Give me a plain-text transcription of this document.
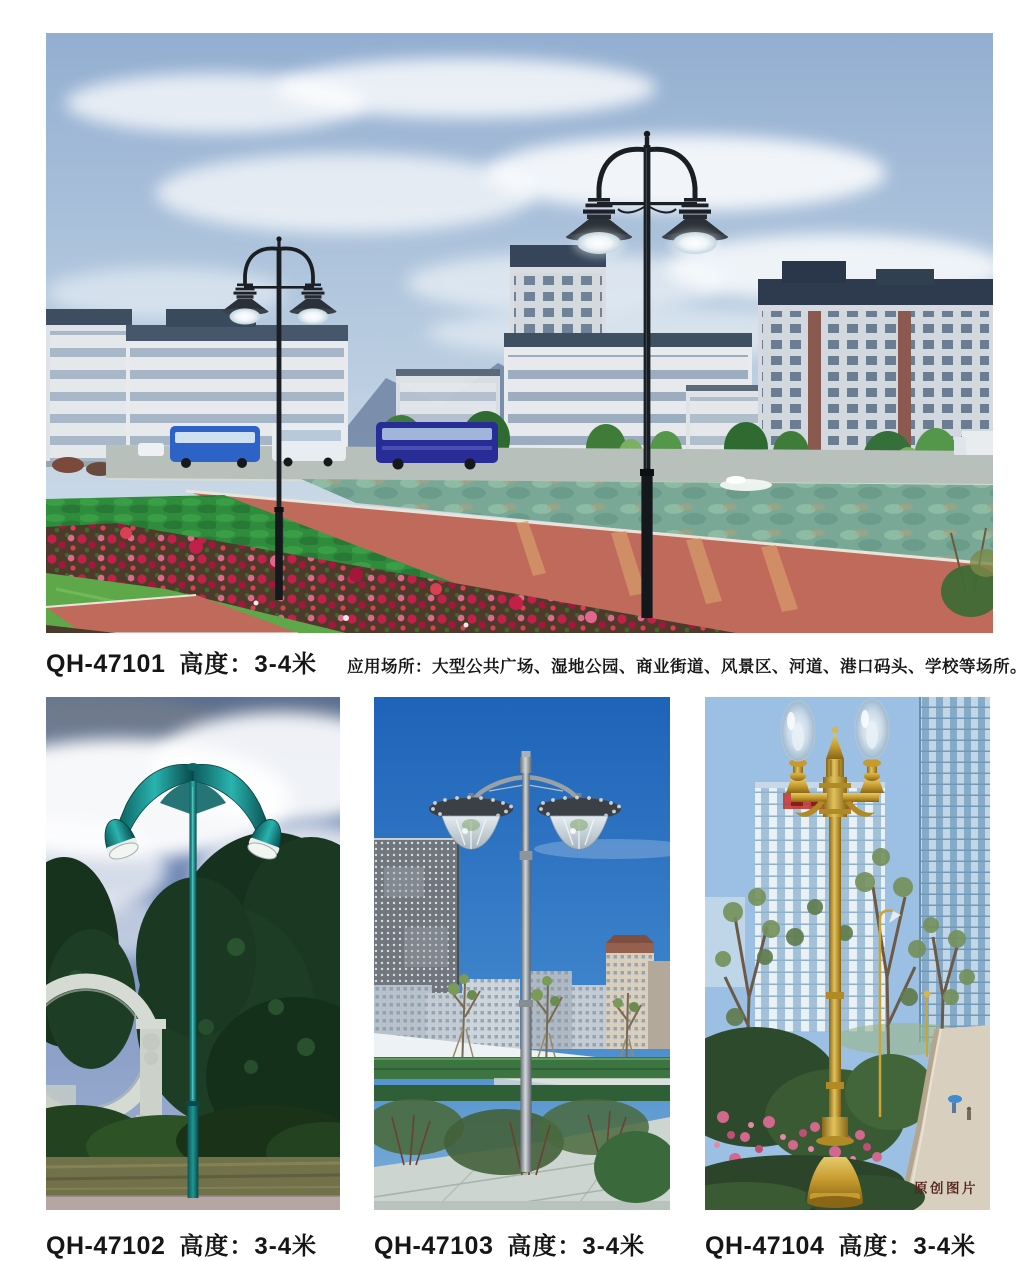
QH-47101 高度：3-4米 应用场所：大型公共广场、湿地公园、商业街道、风景区、河道、港口码头、学校等场所。
原创图片
QH-47102 高度：3-4米 QH-47103 高度：3-4米 QH-47104 高度：3-4米
